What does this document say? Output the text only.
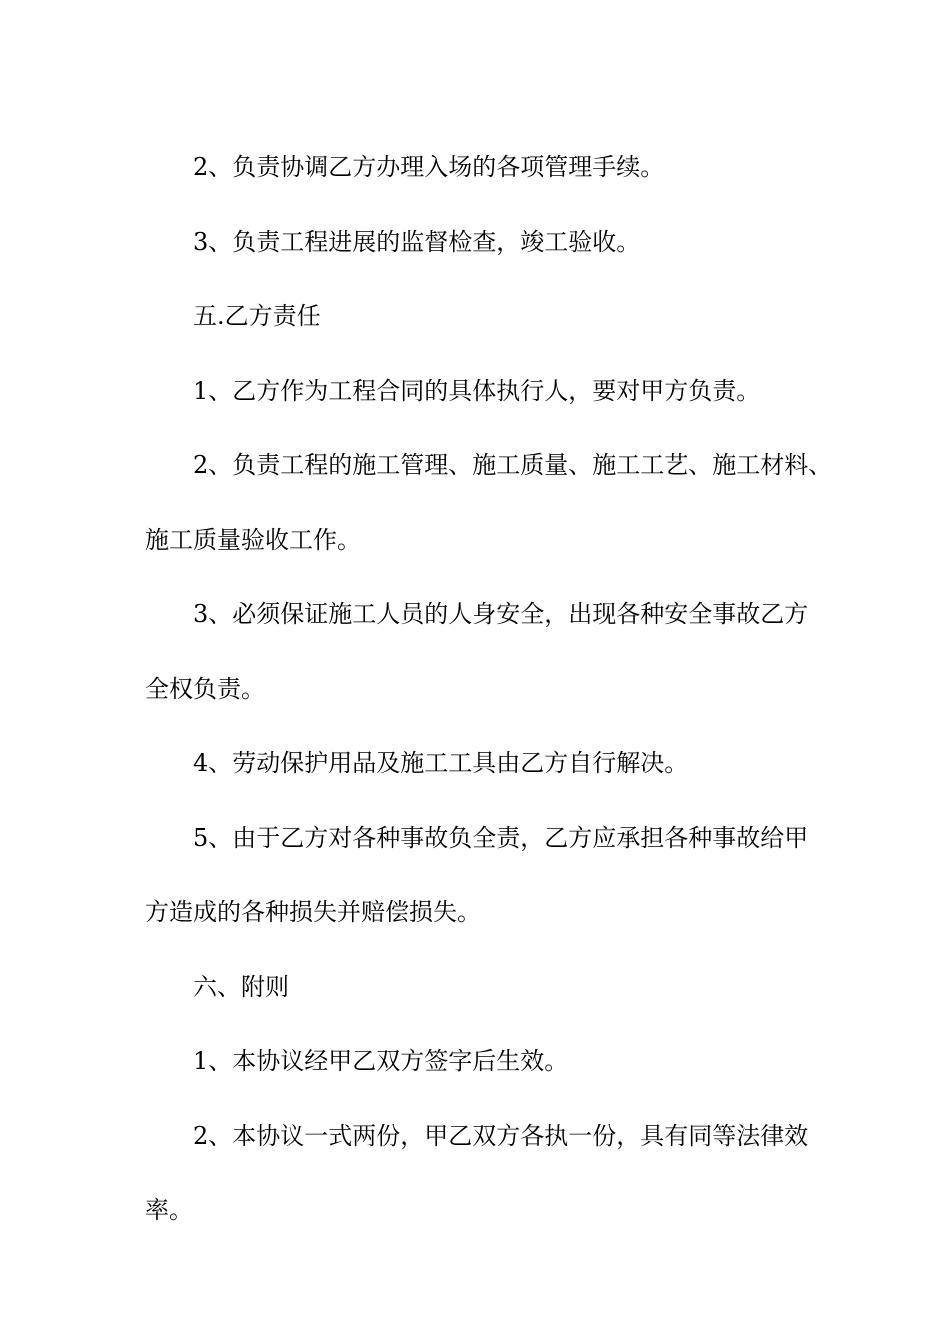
2、负责协调乙方办理入场的各项管理手续。
3、负责工程进展的监督检查，竣工验收。
五.乙方责任
1、乙方作为工程合同的具体执行人，要对甲方负责。
2、负责工程的施工管理、施工质量、施工工艺、施工材料、
施工质量验收工作。
3、必须保证施工人员的人身安全，出现各种安全事故乙方
全权负责。
4、劳动保护用品及施工工具由乙方自行解决。
5、由于乙方对各种事故负全责，乙方应承担各种事故给甲
方造成的各种损失并赔偿损失。
六、附则
1、本协议经甲乙双方签字后生效。
2、本协议一式两份，甲乙双方各执一份，具有同等法律效
率。
